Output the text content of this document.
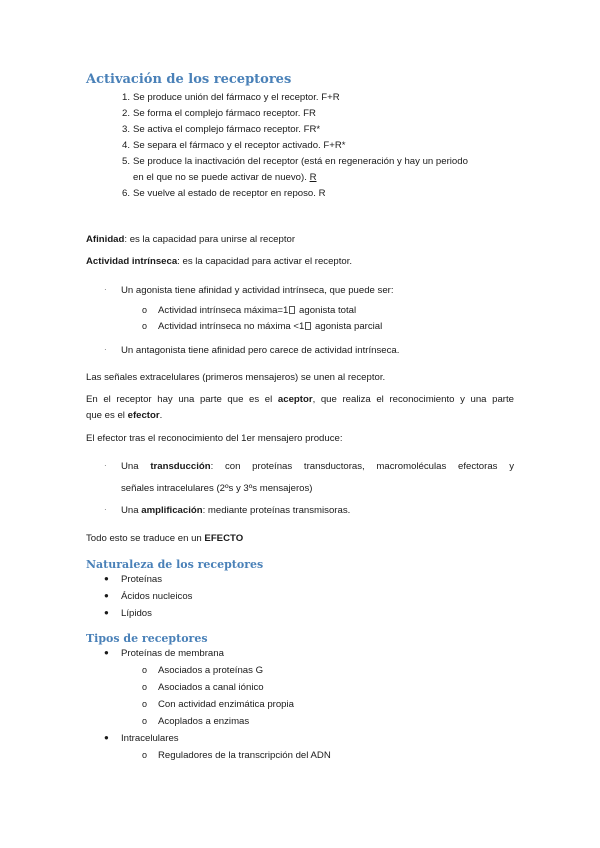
Activación de los receptores
1. Se produce unión del fármaco y el receptor. F+R
2. Se forma el complejo fármaco receptor. FR
3. Se activa el complejo fármaco receptor. FR*
4. Se separa el fármaco y el receptor activado. F+R*
5. Se produce la inactivación del receptor (está en regeneración y hay un periodo
en el que no se puede activar de nuevo). R
6. Se vuelve al estado de receptor en reposo. R
Afinidad: es la capacidad para unirse al receptor
Actividad intrínseca: es la capacidad para activar el receptor.
· Un agonista tiene afinidad y actividad intrínseca, que puede ser:
o Actividad intrínseca máxima=1 agonista total
o Actividad intrínseca no máxima <1 agonista parcial
· Un antagonista tiene afinidad pero carece de actividad intrínseca.
Las señales extracelulares (primeros mensajeros) se unen al receptor.
En el receptor hay una parte que es el aceptor, que realiza el reconocimiento y una parte
que es el efector.
El efector tras el reconocimiento del 1er mensajero produce:
· Una transducción: con proteínas transductoras, macromoléculas efectoras y
señales intracelulares (2ºs y 3ºs mensajeros)
· Una amplificación: mediante proteínas transmisoras.
Todo esto se traduce en un EFECTO
Naturaleza de los receptores
● Proteínas
● Ácidos nucleicos
● Lípidos
Tipos de receptores
● Proteínas de membrana
o Asociados a proteínas G
o Asociados a canal iónico
o Con actividad enzimática propia
o Acoplados a enzimas
● Intracelulares
o Reguladores de la transcripción del ADN
